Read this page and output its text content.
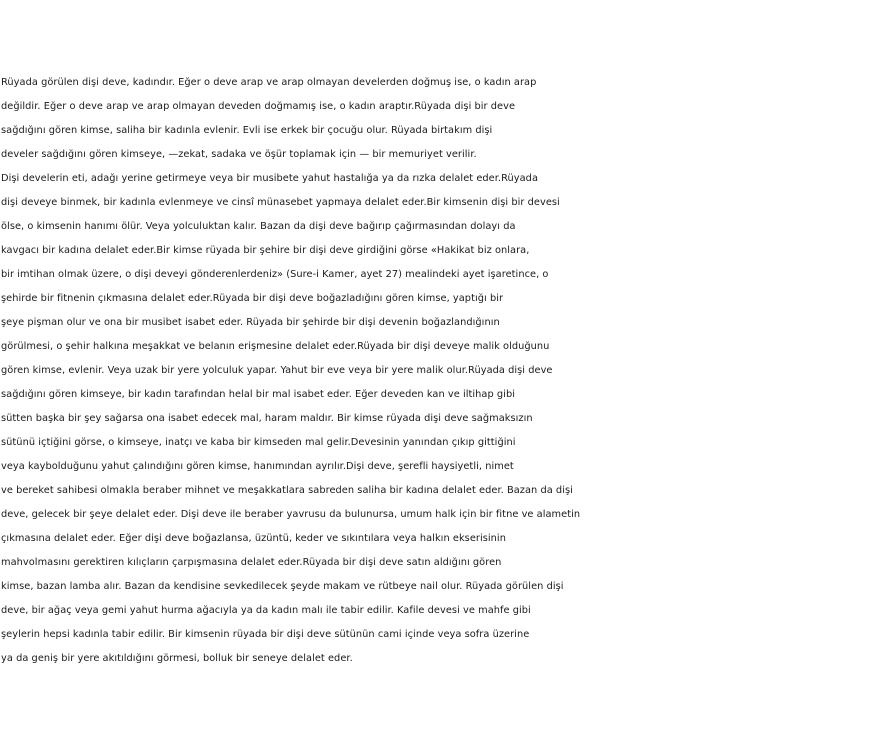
Rüyada görülen dişi deve, kadındır. Eğer o deve arap ve arap olmayan develerden doğmuş ise, o kadın arap
değildir. Eğer o deve arap ve arap olmayan deveden doğmamış ise, o kadın araptır.Rüyada dişi bir deve
sağdığını gören kimse, saliha bir kadınla evlenir. Evli ise erkek bir çocuğu olur. Rüyada birtakım dişi
develer sağdığını gören kimseye, —zekat, sadaka ve öşür toplamak için — bir memuriyet verilir.
Dişi develerin eti, adağı yerine getirmeye veya bir musibete yahut hastalığa ya da rızka delalet eder.Rüyada
dişi deveye binmek, bir kadınla evlenmeye ve cinsî münasebet yapmaya delalet eder.Bir kimsenin dişi bir devesi
ölse, o kimsenin hanımı ölür. Veya yolculuktan kalır. Bazan da dişi deve bağırıp çağırmasından dolayı da
kavgacı bir kadına delalet eder.Bir kimse rüyada bir şehire bir dişi deve girdiğini görse «Hakikat biz onlara,
bir imtihan olmak üzere, o dişi deveyi gönderenlerdeniz» (Sure-i Kamer, ayet 27) mealindeki ayet işaretince, o
şehirde bir fitnenin çıkmasına delalet eder.Rüyada bir dişi deve boğazladığını gören kimse, yaptığı bir
şeye pişman olur ve ona bir musibet isabet eder. Rüyada bir şehirde bir dişi devenin boğazlandığının
görülmesi, o şehir halkına meşakkat ve belanın erişmesine delalet eder.Rüyada bir dişi deveye malik olduğunu
gören kimse, evlenir. Veya uzak bir yere yolculuk yapar. Yahut bir eve veya bir yere malik olur.Rüyada dişi deve
sağdığını gören kimseye, bir kadın tarafından helal bir mal isabet eder. Eğer deveden kan ve iltihap gibi
sütten başka bir şey sağarsa ona isabet edecek mal, haram maldır. Bir kimse rüyada dişi deve sağmaksızın
sütünü içtiğini görse, o kimseye, inatçı ve kaba bir kimseden mal gelir.Devesinin yanından çıkıp gittiğini
veya kaybolduğunu yahut çalındığını gören kimse, hanımından ayrılır.Dişi deve, şerefli haysiyetli, nimet
ve bereket sahibesi olmakla beraber mihnet ve meşakkatlara sabreden saliha bir kadına delalet eder. Bazan da dişi
deve, gelecek bir şeye delalet eder. Dişi deve ile beraber yavrusu da bulunursa, umum halk için bir fitne ve alametin
çıkmasına delalet eder. Eğer dişi deve boğazlansa, üzüntü, keder ve sıkıntılara veya halkın ekserisinin
mahvolmasını gerektiren kılıçların çarpışmasına delalet eder.Rüyada bir dişi deve satın aldığını gören
kimse, bazan lamba alır. Bazan da kendisine sevkedilecek şeyde makam ve rütbeye nail olur. Rüyada görülen dişi
deve, bir ağaç veya gemi yahut hurma ağacıyla ya da kadın malı ile tabir edilir. Kafile devesi ve mahfe gibi
şeylerin hepsi kadınla tabir edilir. Bir kimsenin rüyada bir dişi deve sütünün cami içinde veya sofra üzerine
ya da geniş bir yere akıtıldığını görmesi, bolluk bir seneye delalet eder.
